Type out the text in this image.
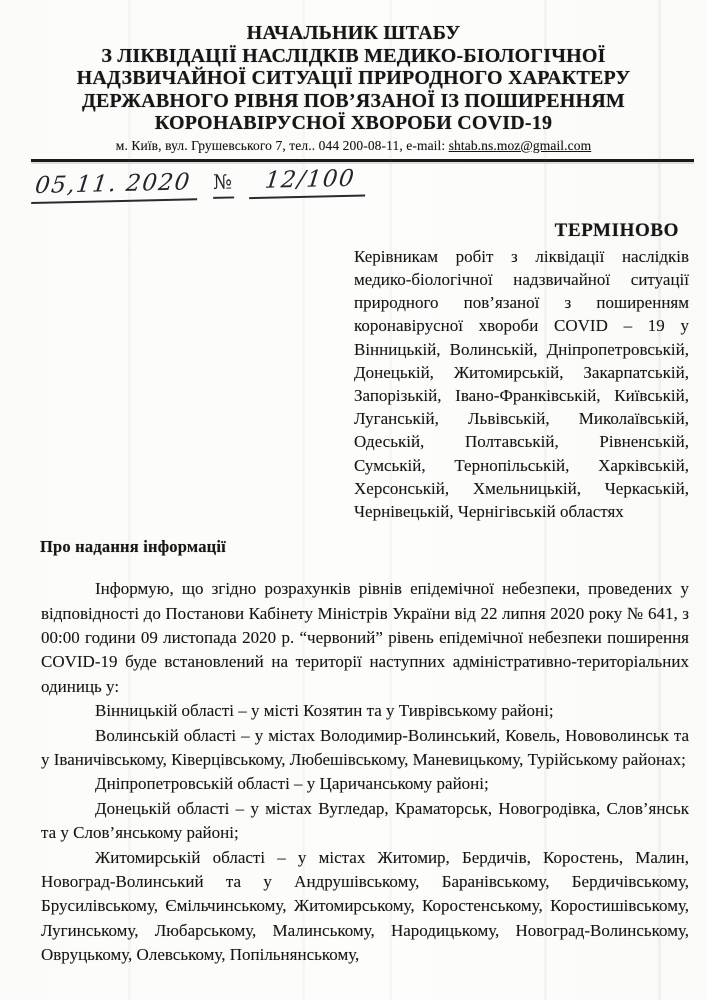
НАЧАЛЬНИК ШТАБУ
З ЛІКВІДАЦІЇ НАСЛІДКІВ МЕДИКО-БІОЛОГІЧНОЇ
НАДЗВИЧАЙНОЇ СИТУАЦІЇ ПРИРОДНОГО ХАРАКТЕРУ
ДЕРЖАВНОГО РІВНЯ ПОВ’ЯЗАНОЇ ІЗ ПОШИРЕННЯМ
КОРОНАВІРУСНОЇ ХВОРОБИ COVID-19
м. Київ, вул. Грушевського 7, тел.. 044 200-08-11, e-mail: shtab.ns.moz@gmail.com
05,11. 2020 № 12/100
ТЕРМІНОВО
Керівникам робіт з ліквідації наслідків медико-біологічної надзвичайної ситуації природного пов’язаної з поширенням коронавірусної хвороби COVID – 19 у Вінницькій, Волинській, Дніпропетровській, Донецькій, Житомирській, Закарпатській, Запорізькій, Івано-Франківській, Київській, Луганській, Львівській, Миколаївській, Одеській, Полтавській, Рівненській, Сумській, Тернопільській, Харківській, Херсонській, Хмельницькій, Черкаській, Чернівецькій, Чернігівській областях
Про надання інформації

Інформую, що згідно розрахунків рівнів епідемічної небезпеки, проведених у відповідності до Постанови Кабінету Міністрів України від 22 липня 2020 року № 641, з 00:00 години 09 листопада 2020 р. “червоний” рівень епідемічної небезпеки поширення COVID-19 буде встановлений на території наступних адміністративно-територіальних одиниць у:

Вінницькій області – у місті Козятин та у Тиврівському районі;

Волинській області – у містах Володимир-Волинський, Ковель, Нововолинськ та у Іваничівському, Ківерцівському, Любешівському, Маневицькому, Турійському районах;

Дніпропетровській області – у Царичанському районі;

Донецькій області – у містах Вугледар, Краматорськ, Новогродівка, Слов’янськ та у Слов’янському районі;

Житомирській області – у містах Житомир, Бердичів, Коростень, Малин, Новоград-Волинський та у Андрушівському, Баранівському, Бердичівському, Брусилівському, Ємільчинському, Житомирському, Коростенському, Коростишівському, Лугинському, Любарському, Малинському, Народицькому, Новоград-Волинському, Овруцькому, Олевському, Попільнянському,
